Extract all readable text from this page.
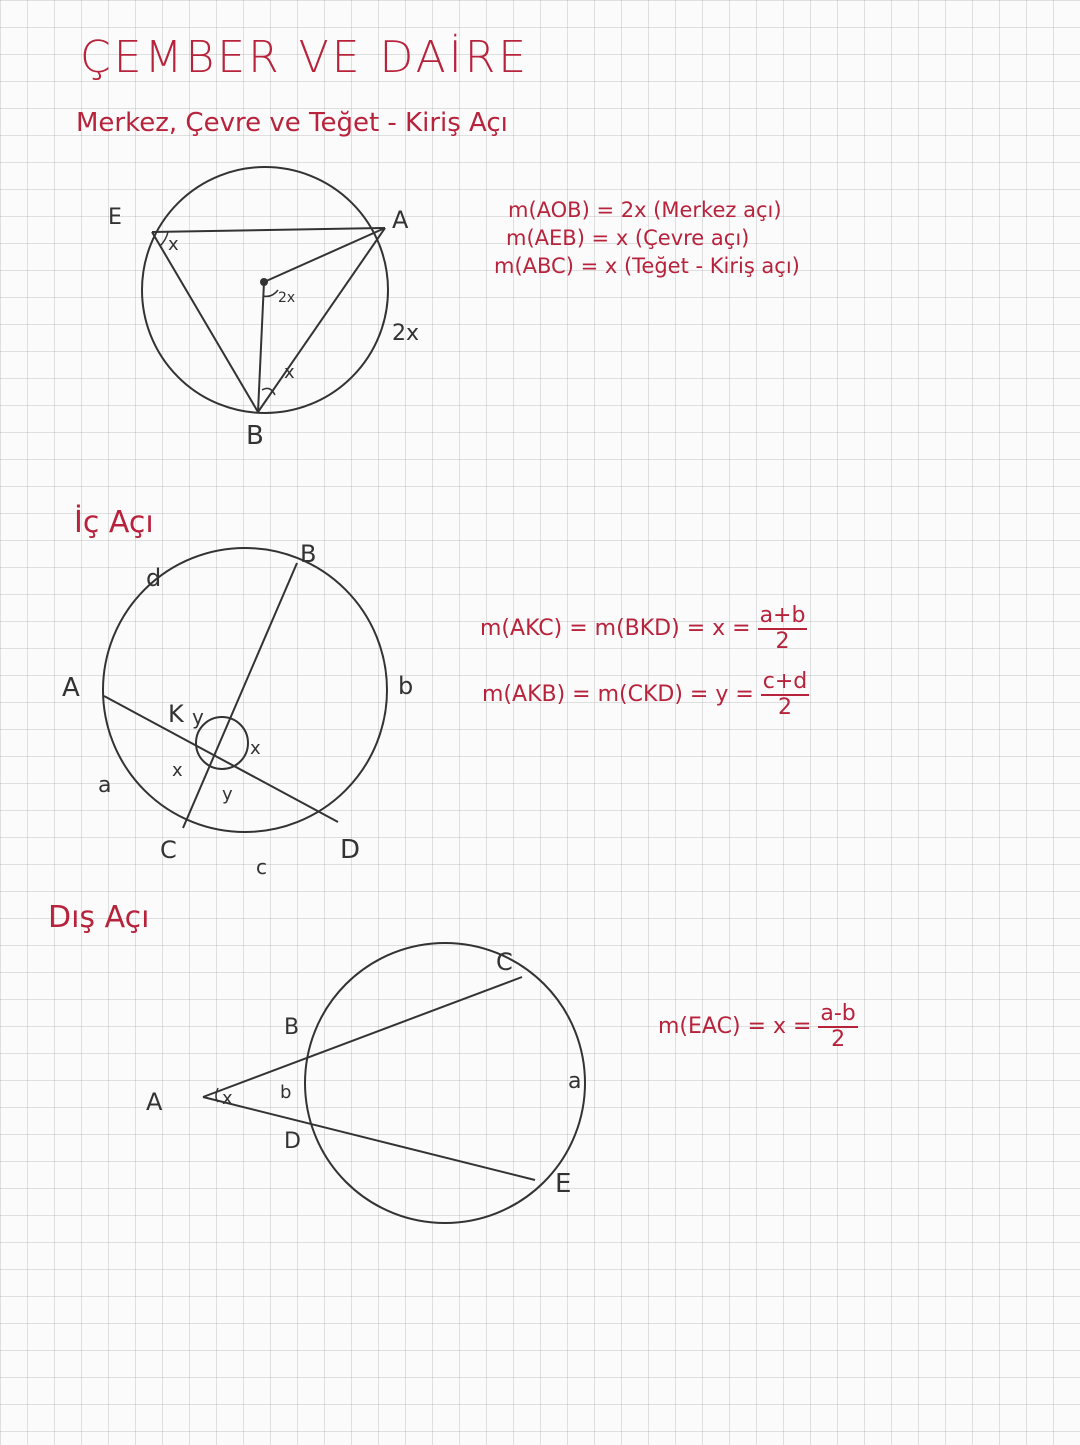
ÇEMBER VE DAİRE
Merkez, Çevre ve Teğet - Kiriş Açı
E	A
B
x
2x
x
2x
m(AOB) = 2x (Merkez açı)
m(AEB) = x (Çevre açı)
m(ABC) = x (Teğet - Kiriş açı)
İç Açı
d
B
A	b
K y
x
x
a	y
C
c
D
$m(AKC) = m(BKD) = x = \frac{a+b}{2}$
$m(AKB) = m(CKD) = y = \frac{c+d}{2}$
Dış Açı
C
B
A	x	b
D
a
E
$m(EAC) = x = \frac{a-b}{2}$
